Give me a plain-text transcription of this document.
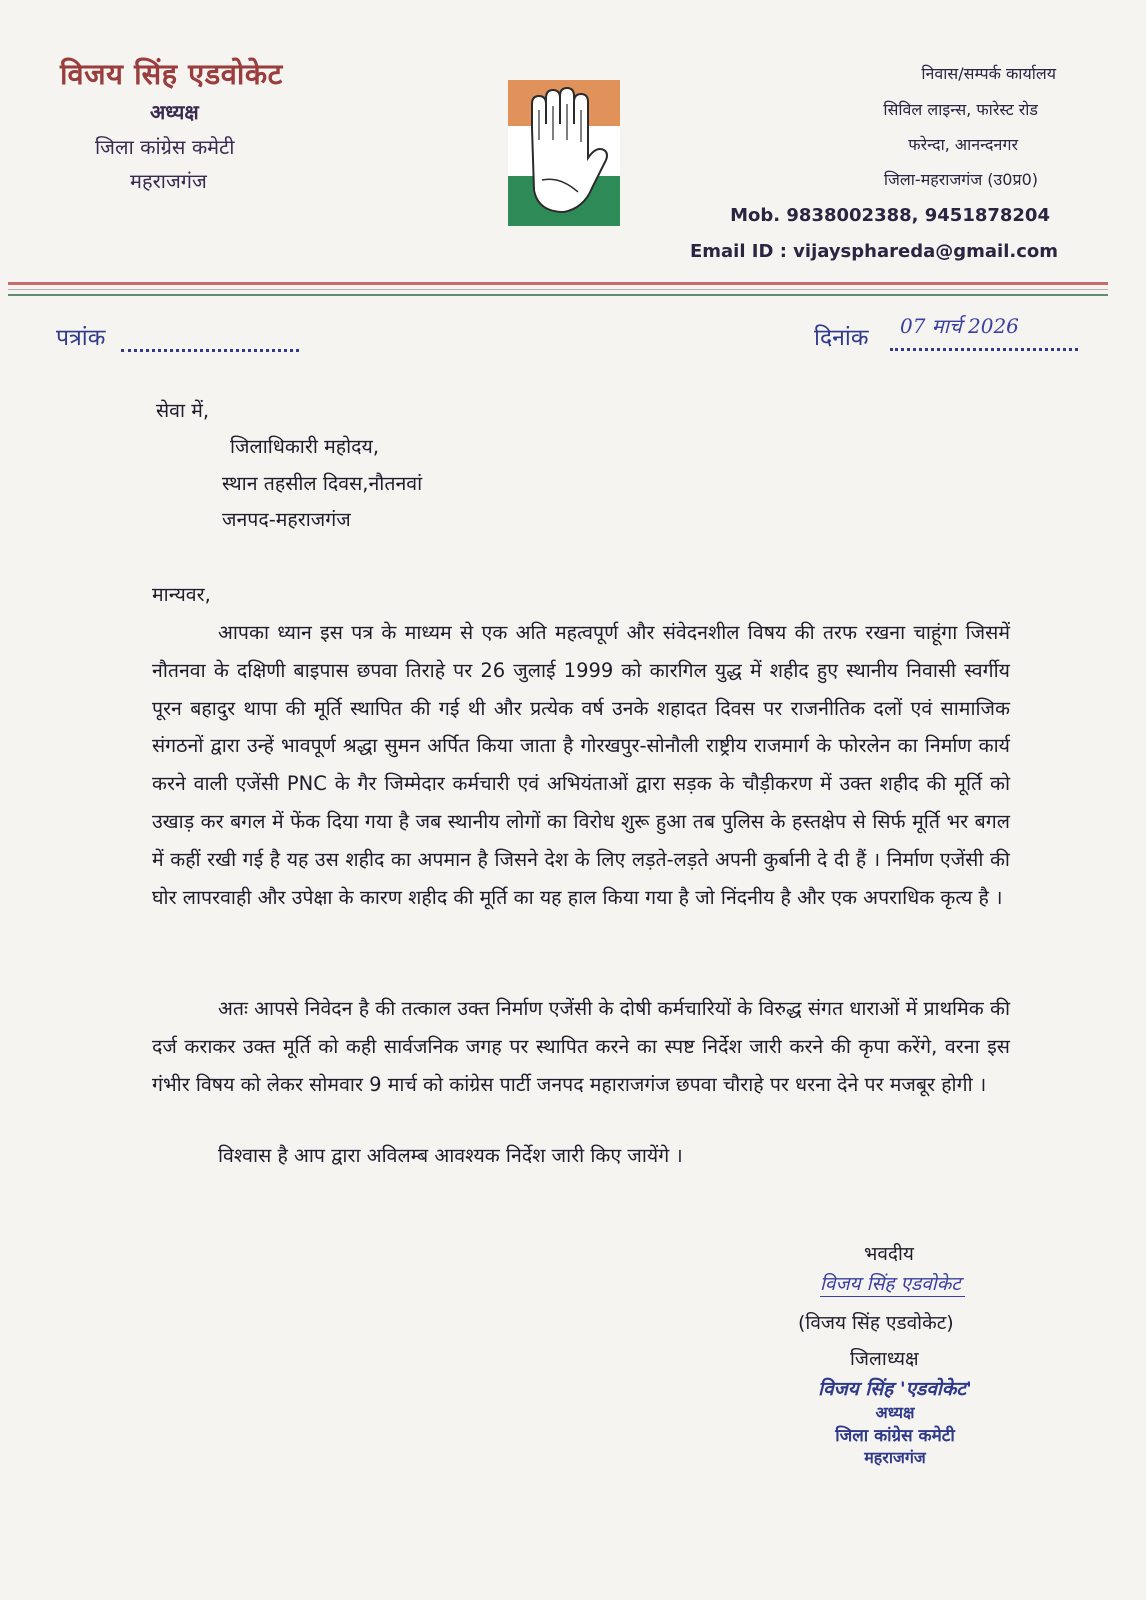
विजय सिंह एडवोकेट
अध्यक्ष
जिला कांग्रेस कमेटी
महराजगंज
निवास/सम्पर्क कार्यालय
सिविल लाइन्स, फारेस्ट रोड
फरेन्दा, आनन्दनगर
जिला-महराजगंज (उ0प्र0)
Mob. 9838002388, 9451878204
Email ID : vijaysphareda@gmail.com
पत्रांक	दिनांक 07 मार्च 2026
सेवा में,
जिलाधिकारी महोदय,
स्थान तहसील दिवस,नौतनवां
जनपद-महराजगंज
मान्यवर,
आपका ध्यान इस पत्र के माध्यम से एक अति महत्वपूर्ण और संवेदनशील विषय की तरफ रखना चाहूंगा जिसमें नौतनवा के दक्षिणी बाइपास छपवा तिराहे पर 26 जुलाई 1999 को कारगिल युद्ध में शहीद हुए स्थानीय निवासी स्वर्गीय पूरन बहादुर थापा की मूर्ति स्थापित की गई थी और प्रत्येक वर्ष उनके शहादत दिवस पर राजनीतिक दलों एवं सामाजिक संगठनों द्वारा उन्हें भावपूर्ण श्रद्धा सुमन अर्पित किया जाता है गोरखपुर-सोनौली राष्ट्रीय राजमार्ग के फोरलेन का निर्माण कार्य करने वाली एजेंसी PNC के गैर जिम्मेदार कर्मचारी एवं अभियंताओं द्वारा सड़क के चौड़ीकरण में उक्त शहीद की मूर्ति को उखाड़ कर बगल में फेंक दिया गया है जब स्थानीय लोगों का विरोध शुरू हुआ तब पुलिस के हस्तक्षेप से सिर्फ मूर्ति भर बगल में कहीं रखी गई है यह उस शहीद का अपमान है जिसने देश के लिए लड़ते-लड़ते अपनी कुर्बानी दे दी हैं । निर्माण एजेंसी की घोर लापरवाही और उपेक्षा के कारण शहीद की मूर्ति का यह हाल किया गया है जो निंदनीय है और एक अपराधिक कृत्य है ।
अतः आपसे निवेदन है की तत्काल उक्त निर्माण एजेंसी के दोषी कर्मचारियों के विरुद्ध संगत धाराओं में प्राथमिक की दर्ज कराकर उक्त मूर्ति को कही सार्वजनिक जगह पर स्थापित करने का स्पष्ट निर्देश जारी करने की कृपा करेंगे, वरना इस गंभीर विषय को लेकर सोमवार 9 मार्च को कांग्रेस पार्टी जनपद महाराजगंज छपवा चौराहे पर धरना देने पर मजबूर होगी ।
विश्वास है आप द्वारा अविलम्ब आवश्यक निर्देश जारी किए जायेंगे ।
भवदीय
विजय सिंह एडवोकेट
(विजय सिंह एडवोकेट)
जिलाध्यक्ष
विजय सिंह 'एडवोकेट'
अध्यक्ष
जिला कांग्रेस कमेटी
महराजगंज
